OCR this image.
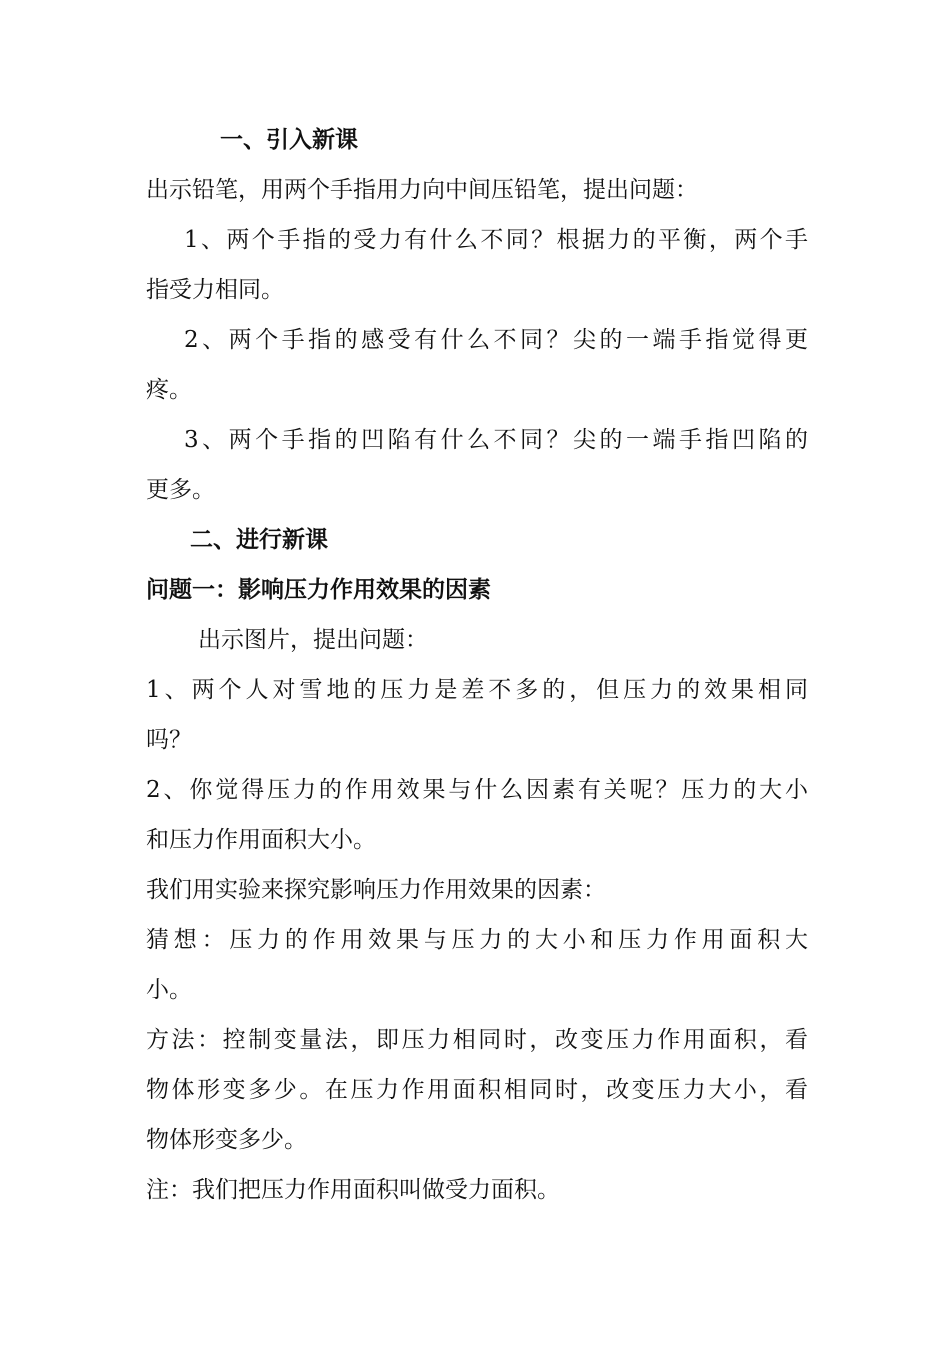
一、引入新课
出示铅笔，用两个手指用力向中间压铅笔，提出问题：
1、两个手指的受力有什么不同？根据力的平衡，两个手
指受力相同。
2、两个手指的感受有什么不同？尖的一端手指觉得更
疼。
3、两个手指的凹陷有什么不同？尖的一端手指凹陷的
更多。
二、进行新课
问题一：影响压力作用效果的因素
出示图片，提出问题：
1、两个人对雪地的压力是差不多的，但压力的效果相同
吗？
2、你觉得压力的作用效果与什么因素有关呢？压力的大小
和压力作用面积大小。
我们用实验来探究影响压力作用效果的因素：
猜想：压力的作用效果与压力的大小和压力作用面积大
小。
方法：控制变量法，即压力相同时，改变压力作用面积，看
物体形变多少。在压力作用面积相同时，改变压力大小，看
物体形变多少。
注：我们把压力作用面积叫做受力面积。
